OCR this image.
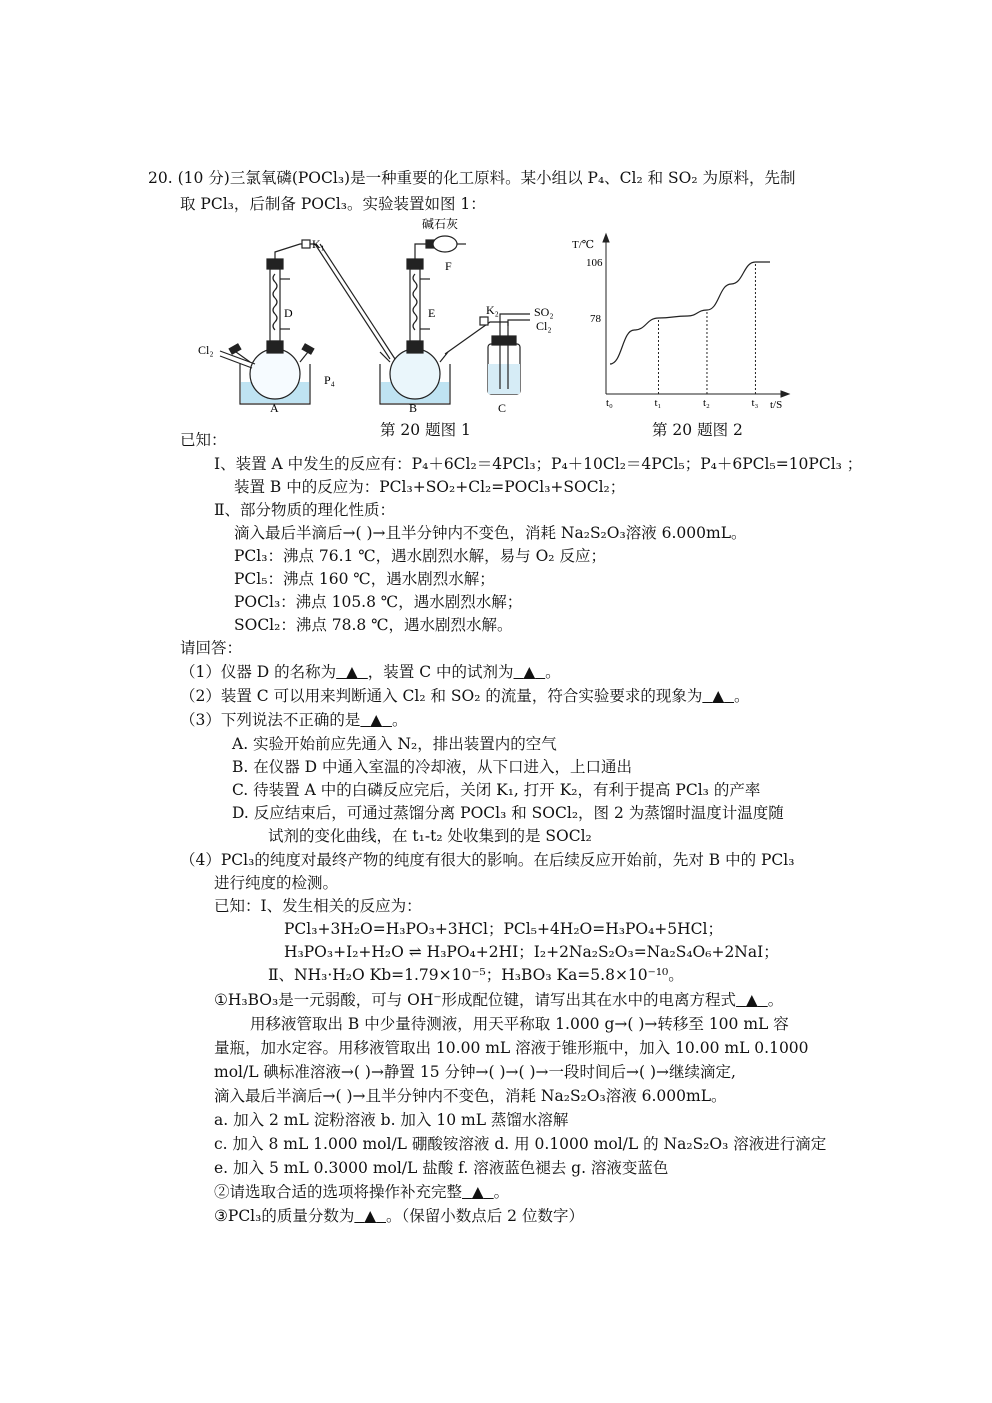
20. (10 分)三氯氧磷(POCl₃)是一种重要的化工原料。某小组以 P₄、Cl₂ 和 SO₂ 为原料，先制
取 PCl₃，后制备 POCl₃。实验装置如图 1：
K₁
碱石灰
F
D	E	K₂	SO₂
Cl₂
Cl₂
P₄
A	B	C
第 20 题图 1
T/℃
t/S
106
78
t₀	t₁	t₂	t₃
第 20 题图 2
已知：
Ⅰ、装置 A 中发生的反应有：P₄＋6Cl₂＝4PCl₃；P₄＋10Cl₂＝4PCl₅；P₄＋6PCl₅=10PCl₃ ；
装置 B 中的反应为：PCl₃+SO₂+Cl₂=POCl₃+SOCl₂；
Ⅱ、部分物质的理化性质：
滴入最后半滴后→( )→且半分钟内不变色，消耗 Na₂S₂O₃溶液 6.000mL。
PCl₃：沸点 76.1 ℃，遇水剧烈水解，易与 O₂ 反应；
PCl₅：沸点 160 ℃，遇水剧烈水解；
POCl₃：沸点 105.8 ℃，遇水剧烈水解；
SOCl₂：沸点 78.8 ℃，遇水剧烈水解。
请回答：
（1）仪器 D 的名称为 ▲ ，装置 C 中的试剂为 ▲ 。
（2）装置 C 可以用来判断通入 Cl₂ 和 SO₂ 的流量，符合实验要求的现象为 ▲ 。
（3）下列说法不正确的是 ▲ 。
A. 实验开始前应先通入 N₂，排出装置内的空气
B. 在仪器 D 中通入室温的冷却液，从下口进入，上口通出
C. 待装置 A 中的白磷反应完后，关闭 K₁, 打开 K₂，有利于提高 PCl₃ 的产率
D. 反应结束后，可通过蒸馏分离 POCl₃ 和 SOCl₂，图 2 为蒸馏时温度计温度随
试剂的变化曲线，在 t₁-t₂ 处收集到的是 SOCl₂
（4）PCl₃的纯度对最终产物的纯度有很大的影响。在后续反应开始前，先对 B 中的 PCl₃
进行纯度的检测。
已知：Ⅰ、发生相关的反应为：
PCl₃+3H₂O=H₃PO₃+3HCl；PCl₅+4H₂O=H₃PO₄+5HCl；
H₃PO₃+I₂+H₂O ⇌ H₃PO₄+2HI；I₂+2Na₂S₂O₃=Na₂S₄O₆+2NaI；
Ⅱ、NH₃·H₂O Kb=1.79×10⁻⁵；H₃BO₃ Ka=5.8×10⁻¹⁰。
①H₃BO₃是一元弱酸，可与 OH⁻形成配位键，请写出其在水中的电离方程式 ▲ 。
用移液管取出 B 中少量待测液，用天平称取 1.000 g→( )→转移至 100 mL 容
量瓶，加水定容。用移液管取出 10.00 mL 溶液于锥形瓶中，加入 10.00 mL 0.1000
mol/L 碘标准溶液→( )→静置 15 分钟→( )→( )→一段时间后→( )→继续滴定,
滴入最后半滴后→( )→且半分钟内不变色，消耗 Na₂S₂O₃溶液 6.000mL。
a. 加入 2 mL 淀粉溶液 b. 加入 10 mL 蒸馏水溶解
c. 加入 8 mL 1.000 mol/L 硼酸铵溶液 d. 用 0.1000 mol/L 的 Na₂S₂O₃ 溶液进行滴定
e. 加入 5 mL 0.3000 mol/L 盐酸 f. 溶液蓝色褪去 g. 溶液变蓝色
②请选取合适的选项将操作补充完整 ▲ 。
③PCl₃的质量分数为 ▲ 。（保留小数点后 2 位数字）
